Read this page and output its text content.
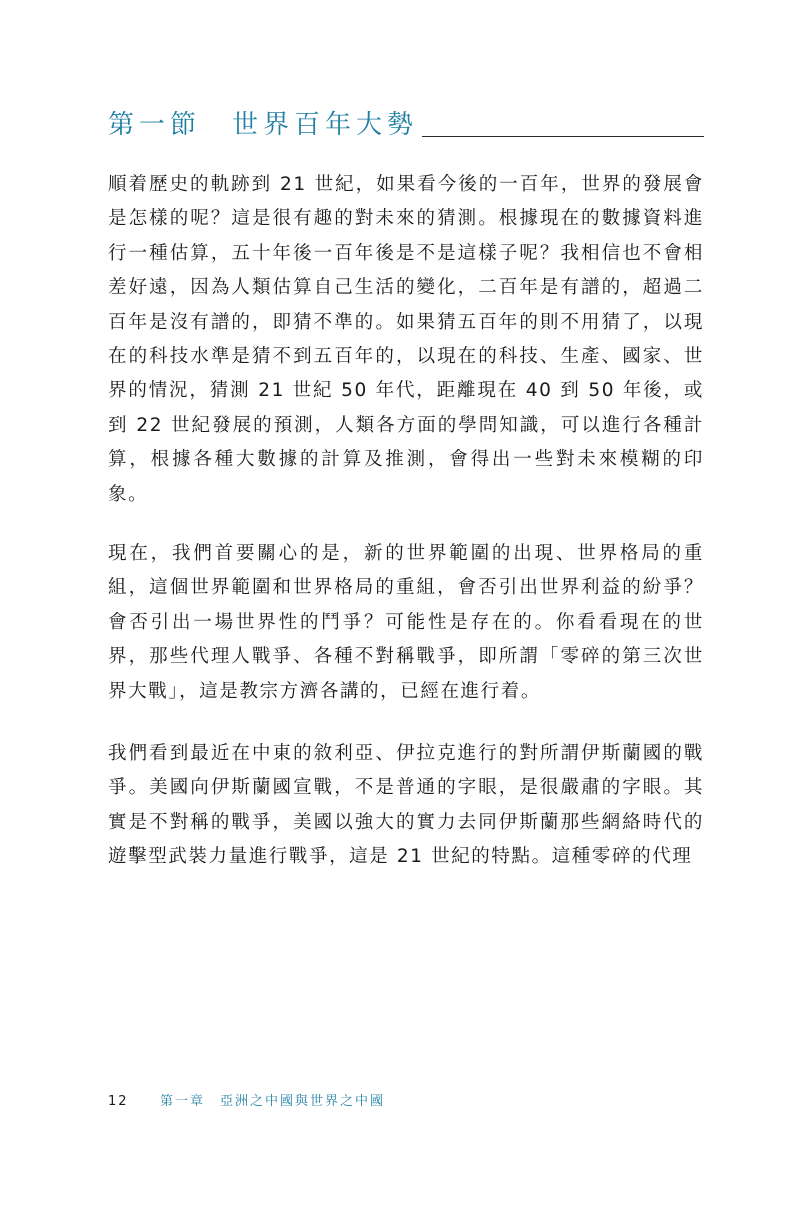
第一節　世界百年大勢

順着歷史的軌跡到 21 世紀，如果看今後的一百年，世界的發展會是怎樣的呢？這是很有趣的對未來的猜測。根據現在的數據資料進行一種估算，五十年後一百年後是不是這樣子呢？我相信也不會相差好遠，因為人類估算自己生活的變化，二百年是有譜的，超過二百年是沒有譜的，即猜不準的。如果猜五百年的則不用猜了，以現在的科技水準是猜不到五百年的，以現在的科技、生產、國家、世界的情況，猜測 21 世紀 50 年代，距離現在 40 到 50 年後，或到 22 世紀發展的預測，人類各方面的學問知識，可以進行各種計算，根據各種大數據的計算及推測，會得出一些對未來模糊的印象。

現在，我們首要關心的是，新的世界範圍的出現、世界格局的重組，這個世界範圍和世界格局的重組，會否引出世界利益的紛爭？會否引出一場世界性的鬥爭？可能性是存在的。你看看現在的世界，那些代理人戰爭、各種不對稱戰爭，即所謂「零碎的第三次世界大戰」，這是教宗方濟各講的，已經在進行着。

我們看到最近在中東的敘利亞、伊拉克進行的對所謂伊斯蘭國的戰爭。美國向伊斯蘭國宣戰，不是普通的字眼，是很嚴肅的字眼。其實是不對稱的戰爭，美國以強大的實力去同伊斯蘭那些網絡時代的遊擊型武裝力量進行戰爭，這是 21 世紀的特點。這種零碎的代理

12	第一章　亞洲之中國與世界之中國
